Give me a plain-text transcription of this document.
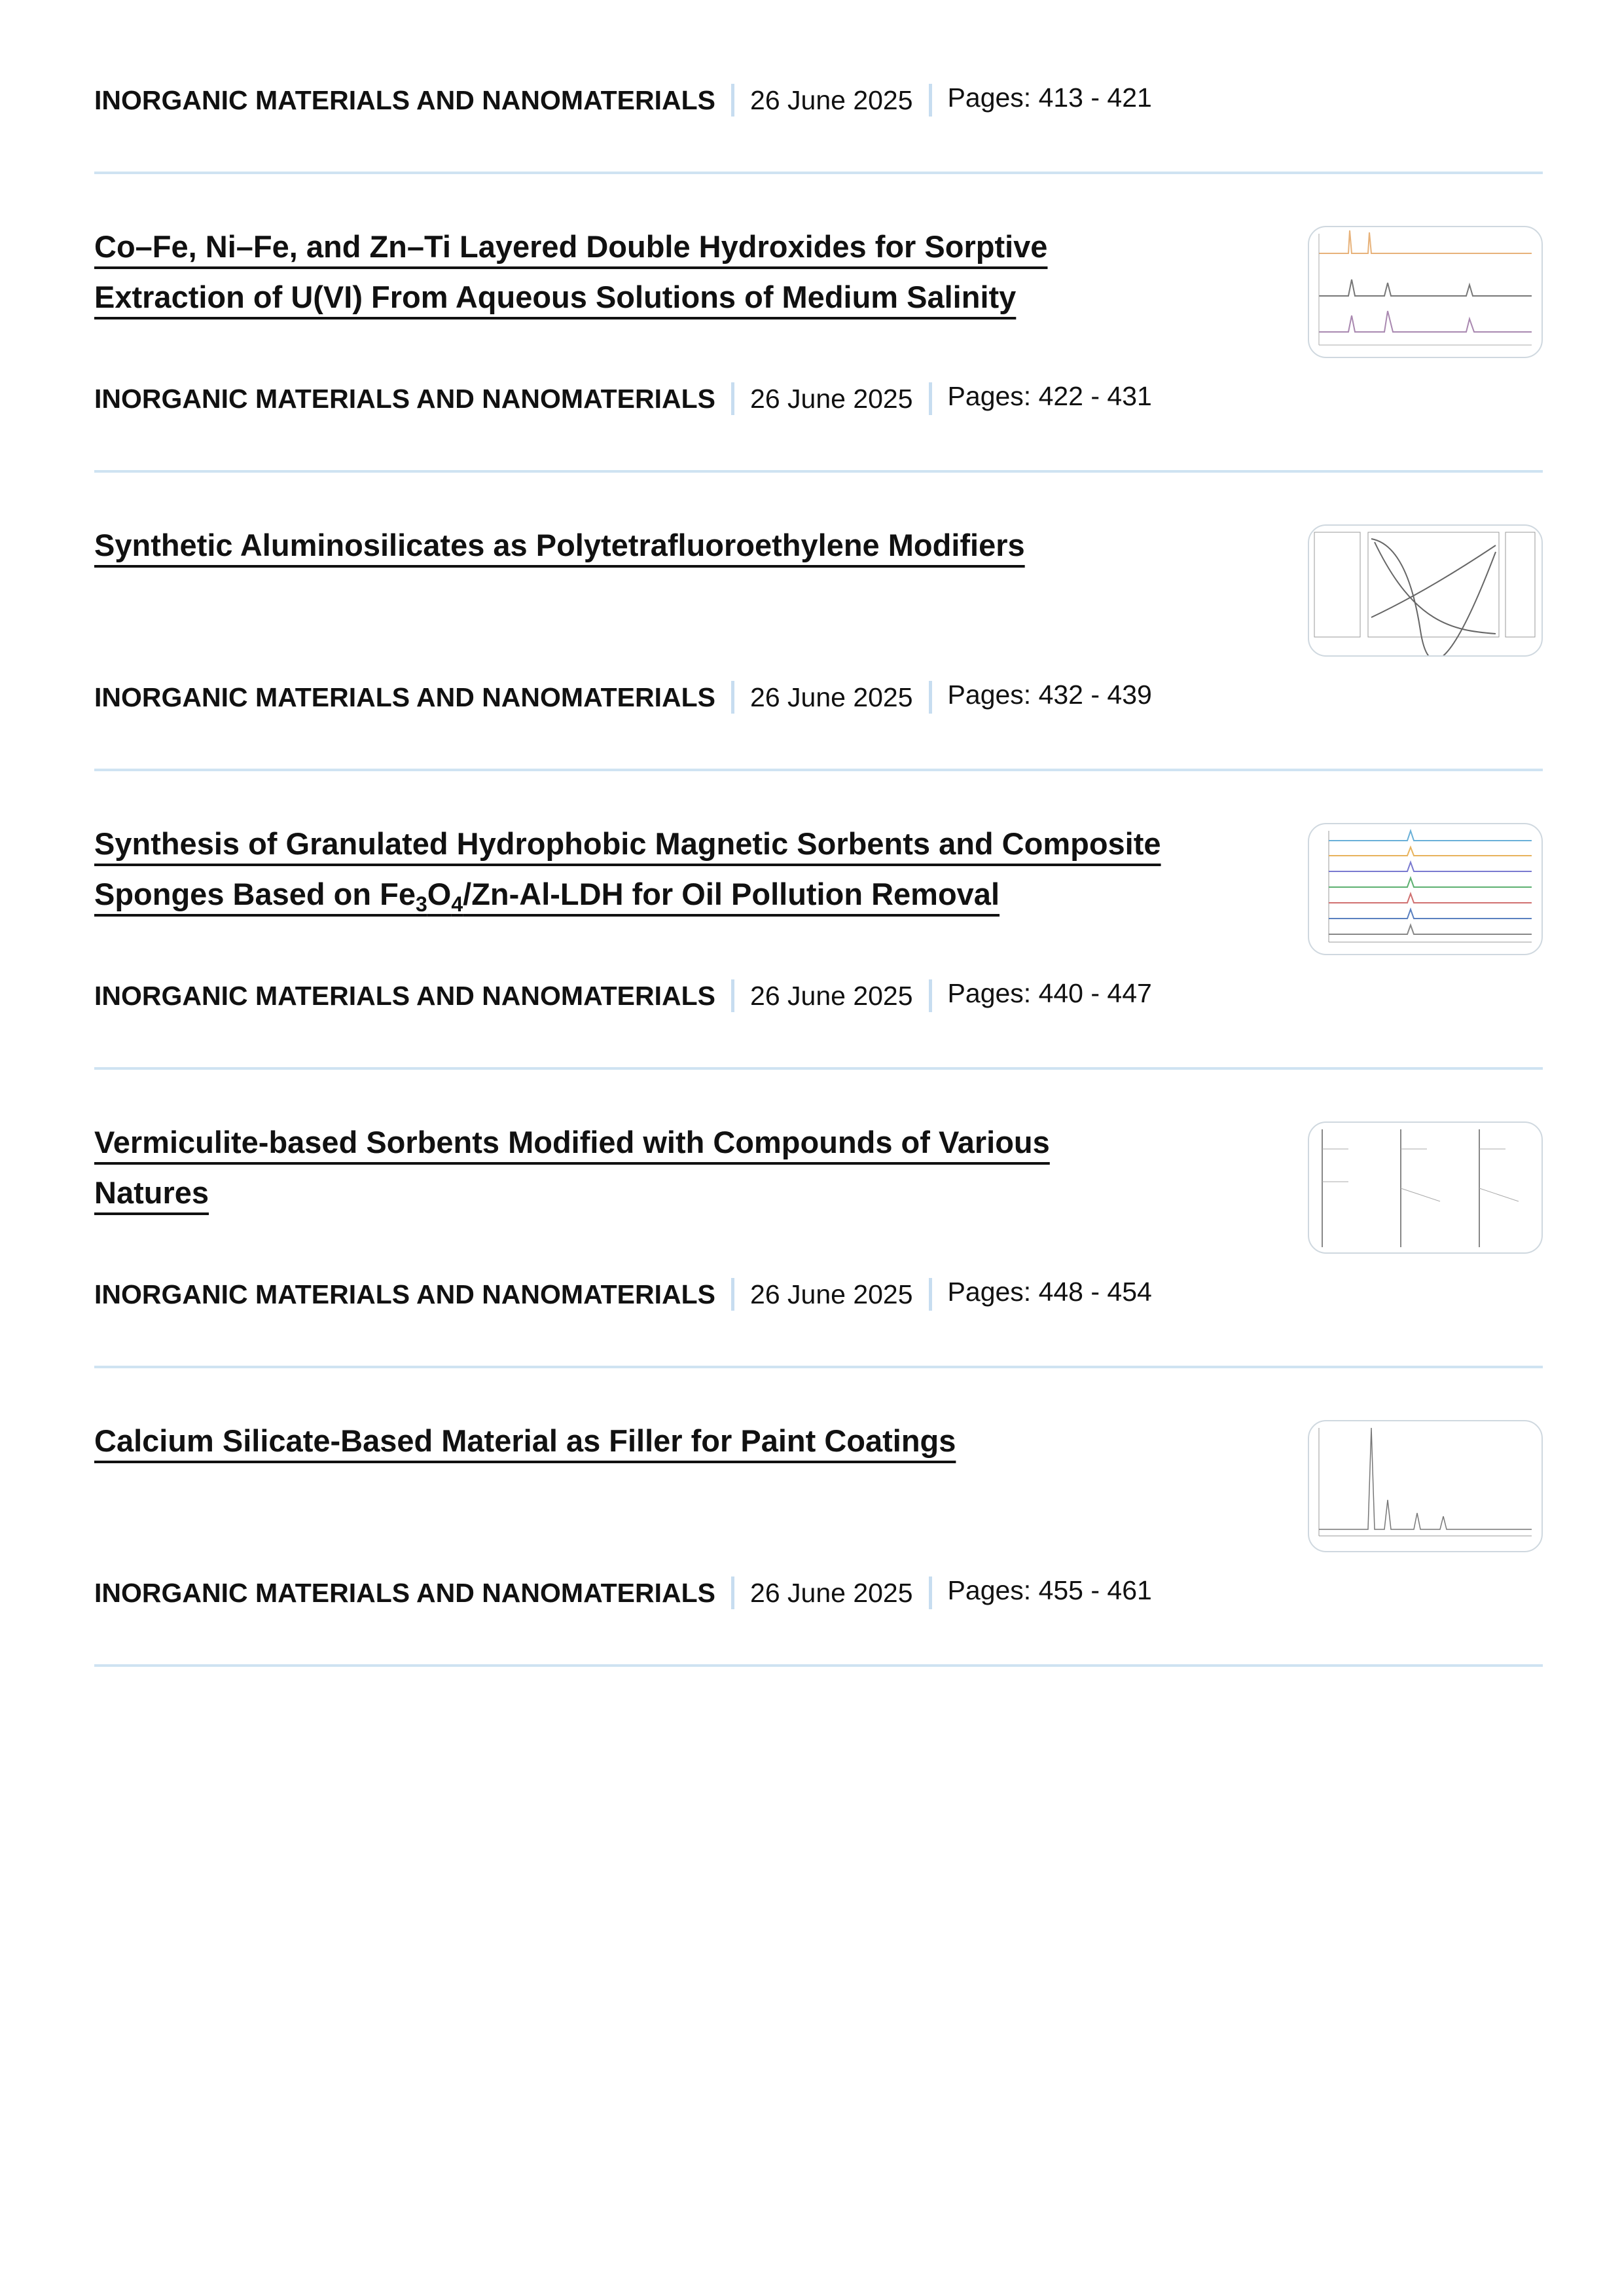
INORGANIC MATERIALS AND NANOMATERIALS 26 June 2025 Pages: 413 - 421
Co–Fe, Ni–Fe, and Zn–Ti Layered Double Hydroxides for Sorptive
Extraction of U(VI) From Aqueous Solutions of Medium Salinity
INORGANIC MATERIALS AND NANOMATERIALS 26 June 2025 Pages: 422 - 431
Synthetic Aluminosilicates as Polytetrafluoroethylene Modifiers
INORGANIC MATERIALS AND NANOMATERIALS 26 June 2025 Pages: 432 - 439
Synthesis of Granulated Hydrophobic Magnetic Sorbents and Composite
Sponges Based on $Fe_3O_4/Zn-Al$-LDH for Oil Pollution Removal
INORGANIC MATERIALS AND NANOMATERIALS 26 June 2025 Pages: 440 - 447
Vermiculite-based Sorbents Modified with Compounds of Various
Natures
INORGANIC MATERIALS AND NANOMATERIALS 26 June 2025 Pages: 448 - 454
Calcium Silicate-Based Material as Filler for Paint Coatings
INORGANIC MATERIALS AND NANOMATERIALS 26 June 2025 Pages: 455 - 461
